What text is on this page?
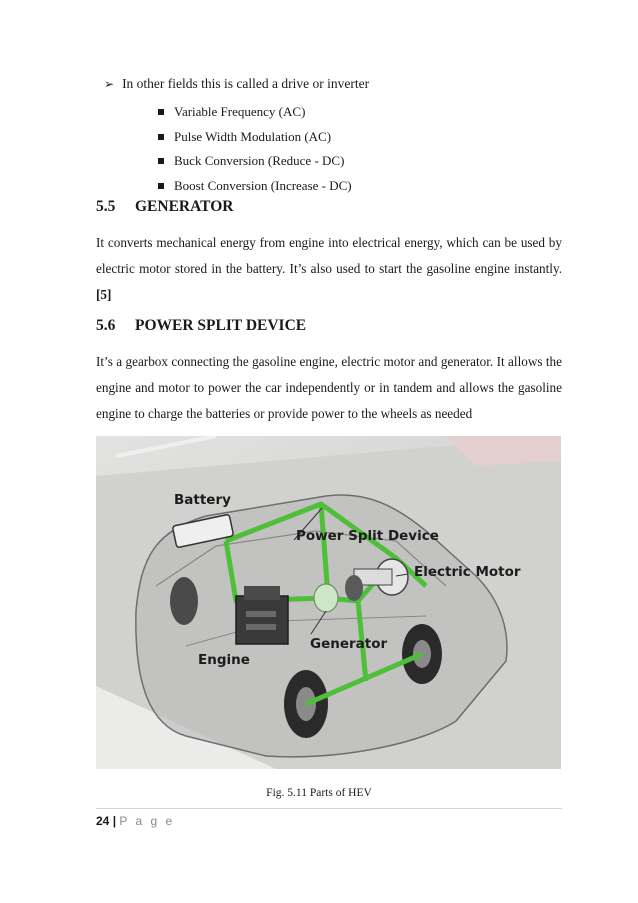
➢ In other fields this is called a drive or inverter
Variable Frequency (AC)
Pulse Width Modulation (AC)
Buck Conversion (Reduce - DC)
Boost Conversion (Increase - DC)
5.5	GENERATOR

It converts mechanical energy from engine into electrical energy, which can be used by electric motor stored in the battery. It’s also used to start the gasoline engine instantly. [5]

5.6	POWER SPLIT DEVICE

It’s a gearbox connecting the gasoline engine, electric motor and generator. It allows the engine and motor to power the car independently or in tandem and allows the gasoline engine to charge the batteries or provide power to the wheels as needed

Battery
Power Split Device
Electric Motor
Generator
Engine
Fig. 5.11 Parts of HEV
24 | P a g e
